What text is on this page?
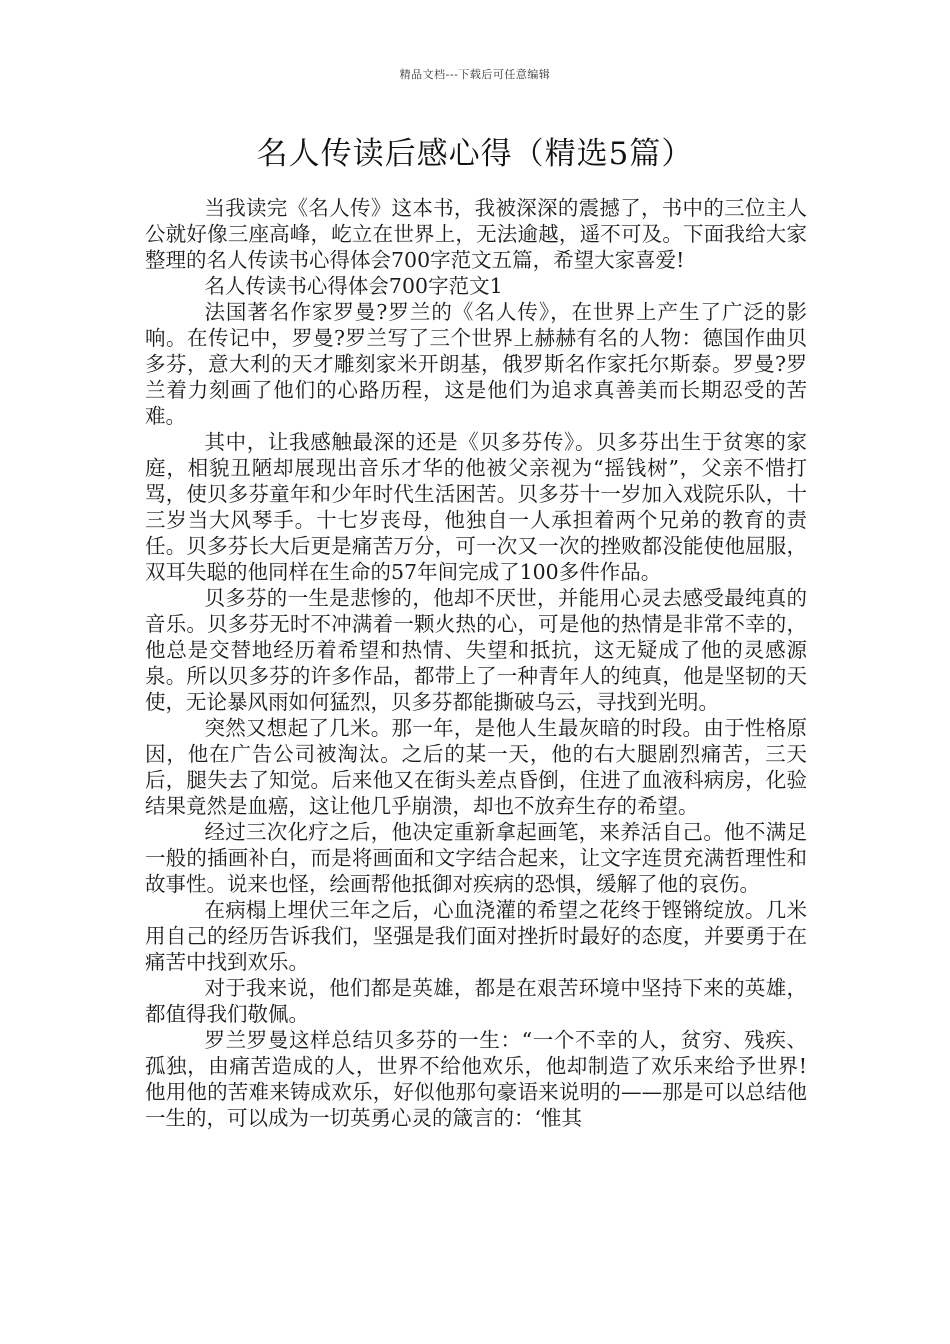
精品文档---下载后可任意编辑
名人传读后感心得（精选5篇）

当我读完《名人传》这本书，我被深深的震撼了，书中的三位主人公就好像三座高峰，屹立在世界上，无法逾越，遥不可及。下面我给大家整理的名人传读书心得体会700字范文五篇，希望大家喜爱!

名人传读书心得体会700字范文1

法国著名作家罗曼?罗兰的《名人传》，在世界上产生了广泛的影响。在传记中，罗曼?罗兰写了三个世界上赫赫有名的人物：德国作曲贝多芬，意大利的天才雕刻家米开朗基，俄罗斯名作家托尔斯泰。罗曼?罗兰着力刻画了他们的心路历程，这是他们为追求真善美而长期忍受的苦难。

其中，让我感触最深的还是《贝多芬传》。贝多芬出生于贫寒的家庭，相貌丑陋却展现出音乐才华的他被父亲视为“摇钱树”，父亲不惜打骂，使贝多芬童年和少年时代生活困苦。贝多芬十一岁加入戏院乐队，十三岁当大风琴手。十七岁丧母，他独自一人承担着两个兄弟的教育的责任。贝多芬长大后更是痛苦万分，可一次又一次的挫败都没能使他屈服，双耳失聪的他同样在生命的57年间完成了100多件作品。

贝多芬的一生是悲惨的，他却不厌世，并能用心灵去感受最纯真的音乐。贝多芬无时不冲满着一颗火热的心，可是他的热情是非常不幸的，他总是交替地经历着希望和热情、失望和抵抗，这无疑成了他的灵感源泉。所以贝多芬的许多作品，都带上了一种青年人的纯真，他是坚韧的天使，无论暴风雨如何猛烈，贝多芬都能撕破乌云，寻找到光明。

突然又想起了几米。那一年，是他人生最灰暗的时段。由于性格原因，他在广告公司被淘汰。之后的某一天，他的右大腿剧烈痛苦，三天后，腿失去了知觉。后来他又在街头差点昏倒，住进了血液科病房，化验结果竟然是血癌，这让他几乎崩溃，却也不放弃生存的希望。

经过三次化疗之后，他决定重新拿起画笔，来养活自己。他不满足一般的插画补白，而是将画面和文字结合起来，让文字连贯充满哲理性和故事性。说来也怪，绘画帮他抵御对疾病的恐惧，缓解了他的哀伤。

在病榻上埋伏三年之后，心血浇灌的希望之花终于铿锵绽放。几米用自己的经历告诉我们，坚强是我们面对挫折时最好的态度，并要勇于在痛苦中找到欢乐。

对于我来说，他们都是英雄，都是在艰苦环境中坚持下来的英雄，都值得我们敬佩。

罗兰罗曼这样总结贝多芬的一生：“一个不幸的人，贫穷、残疾、孤独，由痛苦造成的人，世界不给他欢乐，他却制造了欢乐来给予世界!他用他的苦难来铸成欢乐，好似他那句豪语来说明的——那是可以总结他一生的，可以成为一切英勇心灵的箴言的：‘惟其
